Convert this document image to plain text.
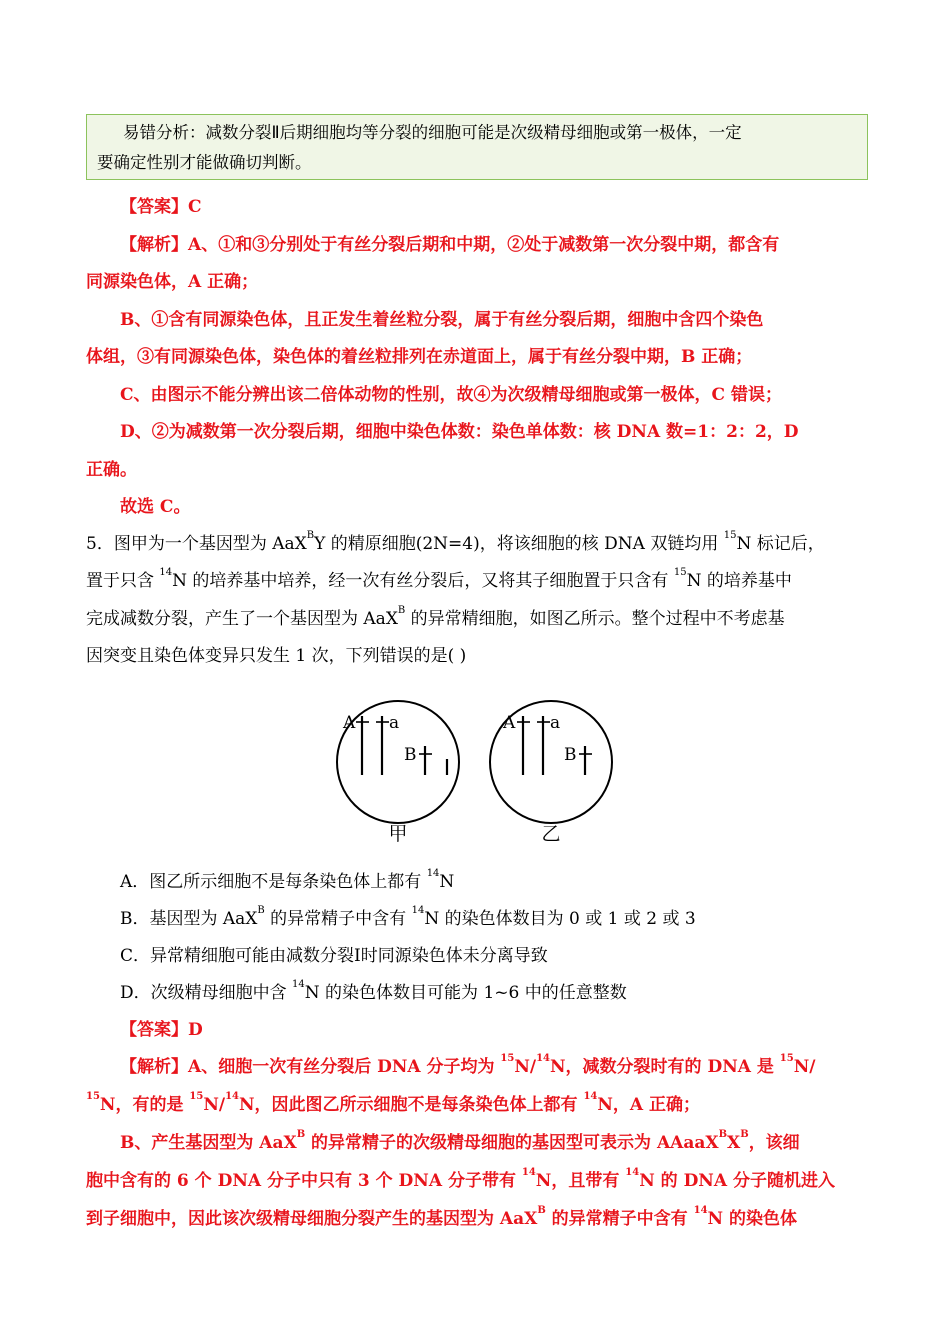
易错分析：减数分裂Ⅱ后期细胞均等分裂的细胞可能是次级精母细胞或第一极体，一定
要确定性别才能做确切判断。
【答案】C
【解析】A、①和③分别处于有丝分裂后期和中期，②处于减数第一次分裂中期，都含有
同源染色体，A 正确；
B、①含有同源染色体，且正发生着丝粒分裂，属于有丝分裂后期，细胞中含四个染色
体组，③有同源染色体，染色体的着丝粒排列在赤道面上，属于有丝分裂中期，B 正确；
C、由图示不能分辨出该二倍体动物的性别，故④为次级精母细胞或第一极体，C 错误；
D、②为减数第一次分裂后期，细胞中染色体数：染色单体数：核 DNA 数=1：2：2，D
正确。
故选 C。
5．图甲为一个基因型为 AaX$^B$Y 的精原细胞(2N=4)，将该细胞的核 DNA 双链均用 $^{15}$N 标记后，
置于只含 $^{14}$N 的培养基中培养，经一次有丝分裂后，又将其子细胞置于只含有 $^{15}$N 的培养基中
完成减数分裂，产生了一个基因型为 AaX$^B$ 的异常精细胞，如图乙所示。整个过程中不考虑基
因突变且染色体变异只发生 1 次，下列错误的是( )
A a
B
甲
A a
B
乙
A．图乙所示细胞不是每条染色体上都有 $^{14}$N
B．基因型为 AaX$^B$ 的异常精子中含有 $^{14}$N 的染色体数目为 0 或 1 或 2 或 3
C．异常精细胞可能由减数分裂Ⅰ时同源染色体未分离导致
D．次级精母细胞中含 $^{14}$N 的染色体数目可能为 1~6 中的任意整数
【答案】D
【解析】A、细胞一次有丝分裂后 DNA 分子均为 $^{15}$N/$^{14}$N，减数分裂时有的 DNA 是 $^{15}$N/
$^{15}$N，有的是 $^{15}$N/$^{14}$N，因此图乙所示细胞不是每条染色体上都有 $^{14}$N，A 正确；
B、产生基因型为 AaX$^B$ 的异常精子的次级精母细胞的基因型可表示为 $AAaaX^BX^B$，该细
胞中含有的 6 个 DNA 分子中只有 3 个 DNA 分子带有 $^{14}$N，且带有 $^{14}$N 的 DNA 分子随机进入
到子细胞中，因此该次级精母细胞分裂产生的基因型为 AaX$^B$ 的异常精子中含有 $^{14}$N 的染色体
